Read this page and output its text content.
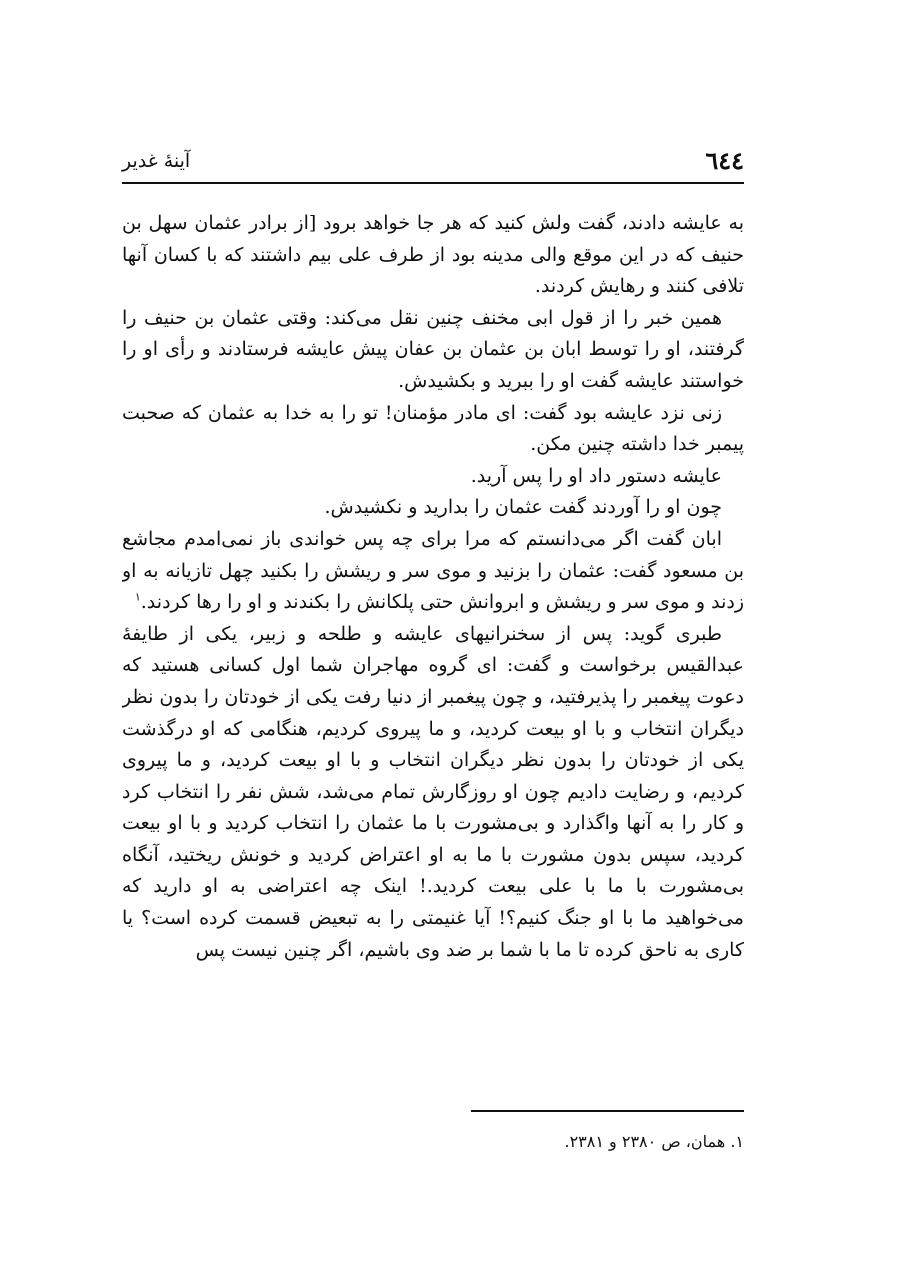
آینۀ غدیر	٦٤٤

به عایشه دادند، گفت ولش کنید که هر جا خواهد برود [از برادر عثمان سهل بن حنیف که در این موقع والی مدینه بود از طرف علی بیم داشتند که با کسان آنها تلافی کنند و رهایش کردند.

همین خبر را از قول ابی مخنف چنین نقل می‌کند: وقتی عثمان بن حنیف را گرفتند، او را توسط ابان بن عثمان بن عفان پیش عایشه فرستادند و رأی او را خواستند عایشه گفت او را ببرید و بکشیدش.

زنی نزد عایشه بود گفت: ای مادر مؤمنان! تو را به خدا به عثمان که صحبت پیمبر خدا داشته چنین مکن.

عایشه دستور داد او را پس آرید.

چون او را آوردند گفت عثمان را بدارید و نکشیدش.

ابان گفت اگر می‌دانستم که مرا برای چه پس خواندی باز نمی‌امدم مجاشع بن مسعود گفت: عثمان را بزنید و موی سر و ریشش را بکنید چهل تازیانه به او زدند و موی سر و ریشش و ابروانش حتی پلکانش را بکندند و او را رها کردند.$^١$

طبری گوید: پس از سخنرانیهای عایشه و طلحه و زبیر، یکی از طایفۀ عبدالقیس برخواست و گفت: ای گروه مهاجران شما اول کسانی هستید که دعوت پیغمبر را پذیرفتید، و چون پیغمبر از دنیا رفت یکی از خودتان را بدون نظر دیگران انتخاب و با او بیعت کردید، و ما پیروی کردیم، هنگامی که او درگذشت یکی از خودتان را بدون نظر دیگران انتخاب و با او بیعت کردید، و ما پیروی کردیم، و رضایت دادیم چون او روزگارش تمام می‌شد، شش نفر را انتخاب کرد و کار را به آنها واگذارد و بی‌مشورت با ما عثمان را انتخاب کردید و با او بیعت کردید، سپس بدون مشورت با ما به او اعتراض کردید و خونش ریختید، آنگاه بی‌مشورت با ما با علی بیعت کردید.! اینک چه اعتراضی به او دارید که می‌خواهید ما با او جنگ کنیم؟! آیا غنیمتی را به تبعیض قسمت کرده است؟ یا کاری به ناحق کرده تا ما با شما بر ضد وی باشیم، اگر چنین نیست پس

١. همان، ص ٢٣٨٠ و ٢٣٨١.
